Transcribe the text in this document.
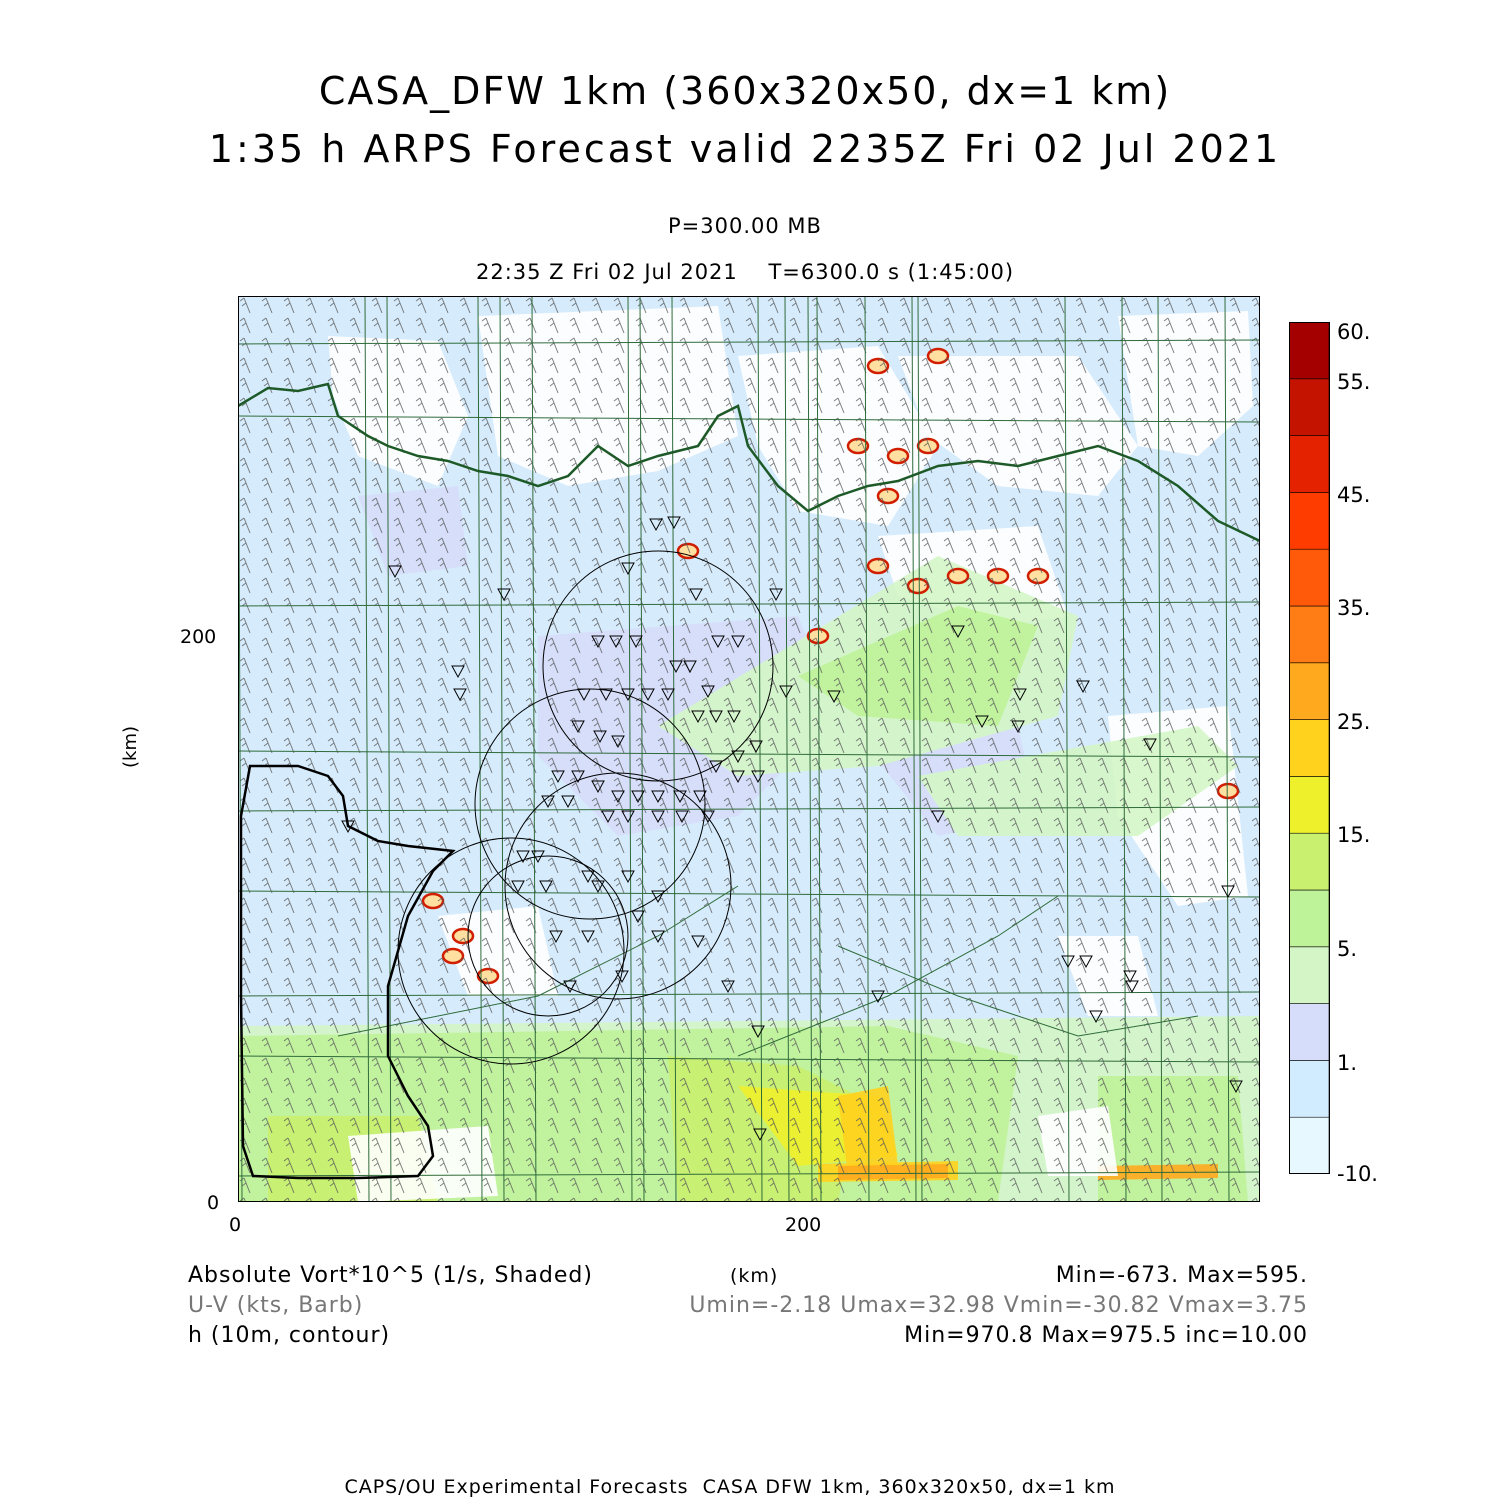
CASA_DFW 1km (360x320x50, dx=1 km)
1:35 h ARPS Forecast valid 2235Z Fri 02 Jul 2021
P=300.00 MB
22:35 Z Fri 02 Jul 2021    T=6300.0 s (1:45:00)
0	200
0
200
(km)
60.
55.
45.
35.
25.
15.
5.
1.
-10.
Absolute Vort*10^5 (1/s, Shaded)	(km)	Min=-673. Max=595.
U-V (kts, Barb)	Umin=-2.18 Umax=32.98 Vmin=-30.82 Vmax=3.75
h (10m, contour)	Min=970.8 Max=975.5 inc=10.00
CAPS/OU Experimental Forecasts  CASA DFW 1km, 360x320x50, dx=1 km
